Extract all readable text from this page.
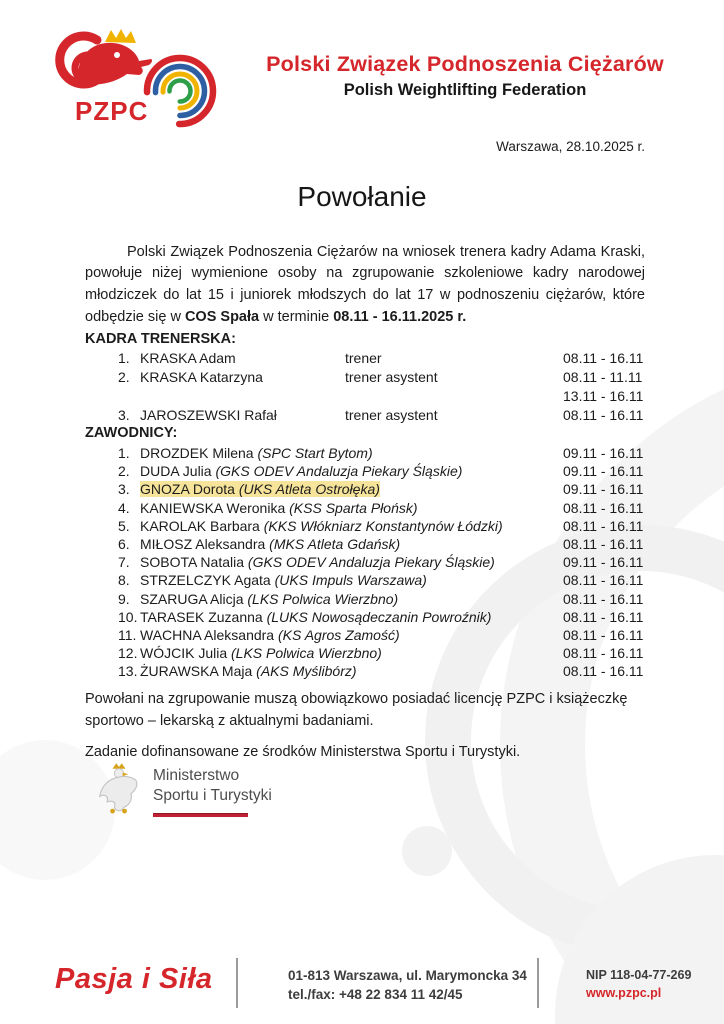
PZPC
Polski Związek Podnoszenia Ciężarów
Polish Weightlifting Federation
Warszawa, 28.10.2025 r.
Powołanie

Polski Związek Podnoszenia Ciężarów na wniosek trenera kadry Adama Kraski, powołuje niżej wymienione osoby na zgrupowanie szkoleniowe kadry narodowej młodziczek do lat 15 i juniorek młodszych do lat 17 w podnoszeniu ciężarów, które odbędzie się w COS Spała w terminie 08.11 - 16.11.2025 r.

KADRA TRENERSKA:
1. KRASKA Adam	trener	08.11 - 16.11
2. KRASKA Katarzyna	trener asystent	08.11 - 11.11
13.11 - 16.11
3. JAROSZEWSKI Rafał	trener asystent	08.11 - 16.11
ZAWODNICY:
1. DROZDEK Milena (SPC Start Bytom)	09.11 - 16.11
2. DUDA Julia (GKS ODEV Andaluzja Piekary Śląskie)	09.11 - 16.11
3. GNOZA Dorota (UKS Atleta Ostrołęka)	09.11 - 16.11
4. KANIEWSKA Weronika (KSS Sparta Płońsk)	08.11 - 16.11
5. KAROLAK Barbara (KKS Włókniarz Konstantynów Łódzki)	08.11 - 16.11
6. MIŁOSZ Aleksandra (MKS Atleta Gdańsk)	08.11 - 16.11
7. SOBOTA Natalia (GKS ODEV Andaluzja Piekary Śląskie)	09.11 - 16.11
8. STRZELCZYK Agata (UKS Impuls Warszawa)	08.11 - 16.11
9. SZARUGA Alicja (LKS Polwica Wierzbno)	08.11 - 16.11
10. TARASEK Zuzanna (LUKS Nowosądeczanin Powroźnik)	08.11 - 16.11
11. WACHNA Aleksandra (KS Agros Zamość)	08.11 - 16.11
12. WÓJCIK Julia (LKS Polwica Wierzbno)	08.11 - 16.11
13. ŻURAWSKA Maja (AKS Myślibórz)	08.11 - 16.11

Powołani na zgrupowanie muszą obowiązkowo posiadać licencję PZPC i książeczkę sportowo – lekarską z aktualnymi badaniami.

Zadanie dofinansowane ze środków Ministerstwa Sportu i Turystyki.

Ministerstwo
Sportu i Turystyki
Pasja i Siła	01-813 Warszawa, ul. Marymoncka 34
tel./fax: +48 22 834 11 42/45
NIP 118-04-77-269
www.pzpc.pl
